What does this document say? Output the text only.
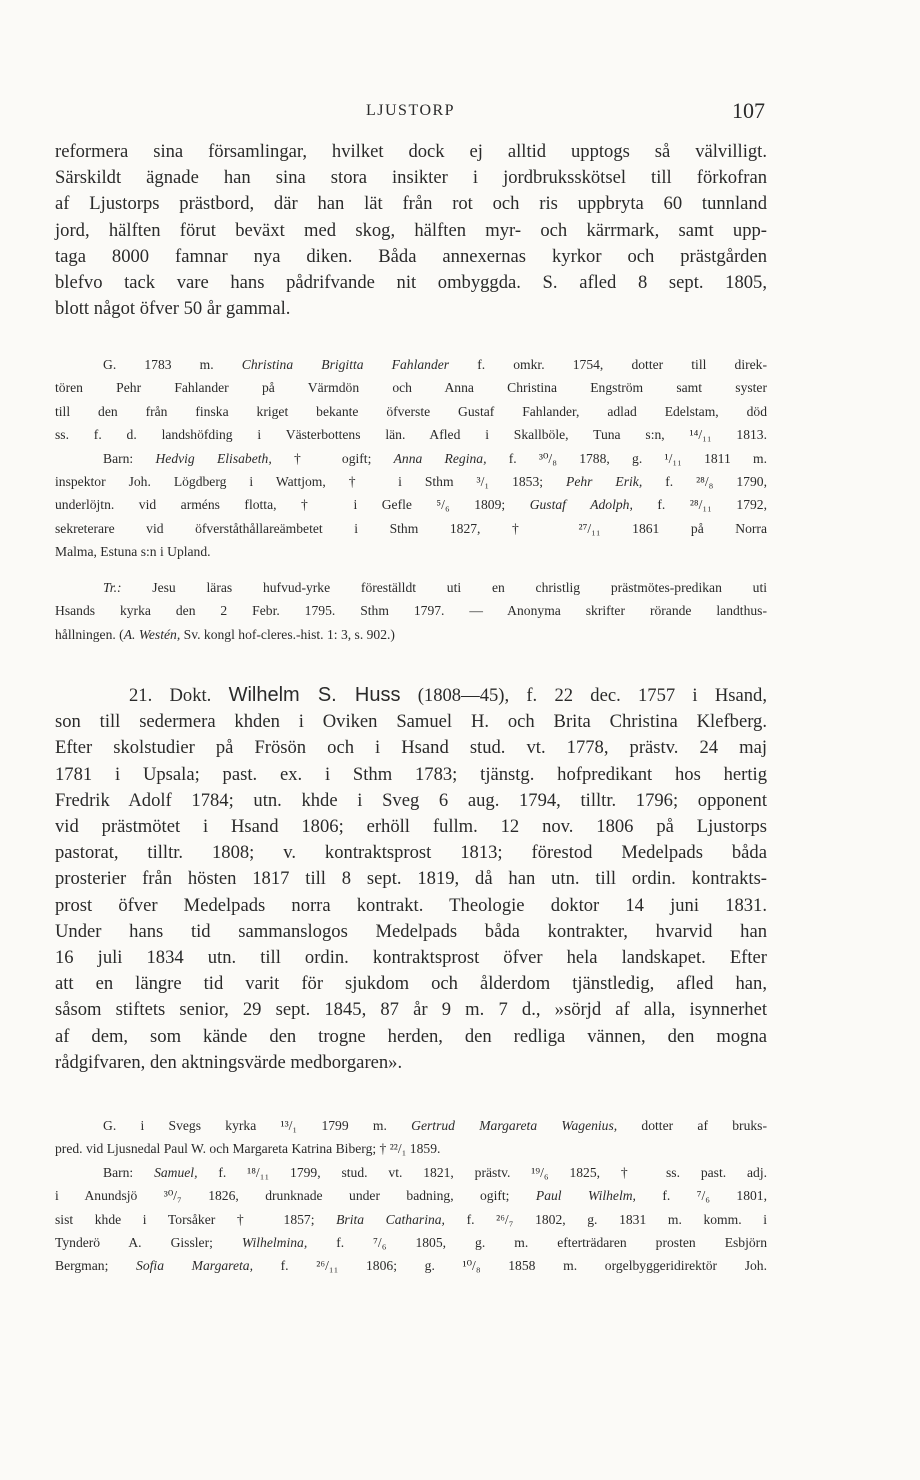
LJUSTORP	107
reformera sina församlingar, hvilket dock ej alltid upptogs så välvilligt.
Särskildt ägnade han sina stora insikter i jordbruksskötsel till förkofran
af Ljustorps prästbord, där han lät från rot och ris uppbryta 60 tunnland
jord, hälften förut beväxt med skog, hälften myr- och kärrmark, samt upp-
taga 8000 famnar nya diken. Båda annexernas kyrkor och prästgården
blefvo tack vare hans pådrifvande nit ombyggda. S. afled 8 sept. 1805,
blott något öfver 50 år gammal.
G. 1783 m. Christina Brigitta Fahlander f. omkr. 1754, dotter till direk-
tören Pehr Fahlander på Värmdön och Anna Christina Engström samt syster
till den från finska kriget bekante öfverste Gustaf Fahlander, adlad Edelstam, död
ss. f. d. landshöfding i Västerbottens län. Afled i Skallböle, Tuna s:n, ¹⁴/₁₁ 1813.
Barn: Hedvig Elisabeth, † ogift; Anna Regina, f. ³⁰/₈ 1788, g. ¹/₁₁ 1811 m.
inspektor Joh. Lögdberg i Wattjom, † i Sthm ³/₁ 1853; Pehr Erik, f. ²⁸/₈ 1790,
underlöjtn. vid arméns flotta, † i Gefle ⁵/₆ 1809; Gustaf Adolph, f. ²⁸/₁₁ 1792,
sekreterare vid öfverståthållareämbetet i Sthm 1827, † ²⁷/₁₁ 1861 på Norra
Malma, Estuna s:n i Upland.
Tr.: Jesu läras hufvud-yrke föreställdt uti en christlig prästmötes-predikan uti
Hsands kyrka den 2 Febr. 1795. Sthm 1797. — Anonyma skrifter rörande landthus-
hållningen. (A. Westén, Sv. kongl hof-cleres.-hist. 1: 3, s. 902.)
21. Dokt. Wilhelm S. Huss (1808—45), f. 22 dec. 1757 i Hsand,
son till sedermera khden i Oviken Samuel H. och Brita Christina Klefberg.
Efter skolstudier på Frösön och i Hsand stud. vt. 1778, prästv. 24 maj
1781 i Upsala; past. ex. i Sthm 1783; tjänstg. hofpredikant hos hertig
Fredrik Adolf 1784; utn. khde i Sveg 6 aug. 1794, tilltr. 1796; opponent
vid prästmötet i Hsand 1806; erhöll fullm. 12 nov. 1806 på Ljustorps
pastorat, tilltr. 1808; v. kontraktsprost 1813; förestod Medelpads båda
prosterier från hösten 1817 till 8 sept. 1819, då han utn. till ordin. kontrakts-
prost öfver Medelpads norra kontrakt. Theologie doktor 14 juni 1831.
Under hans tid sammanslogos Medelpads båda kontrakter, hvarvid han
16 juli 1834 utn. till ordin. kontraktsprost öfver hela landskapet. Efter
att en längre tid varit för sjukdom och ålderdom tjänstledig, afled han,
såsom stiftets senior, 29 sept. 1845, 87 år 9 m. 7 d., »sörjd af alla, isynnerhet
af dem, som kände den trogne herden, den redliga vännen, den mogna
rådgifvaren, den aktningsvärde medborgaren».
G. i Svegs kyrka ¹³/₁ 1799 m. Gertrud Margareta Wagenius, dotter af bruks-
pred. vid Ljusnedal Paul W. och Margareta Katrina Biberg; † ²²/₁ 1859.
Barn: Samuel, f. ¹⁸/₁₁ 1799, stud. vt. 1821, prästv. ¹⁹/₆ 1825, † ss. past. adj.
i Anundsjö ³⁰/₇ 1826, drunknade under badning, ogift; Paul Wilhelm, f. ⁷/₆ 1801,
sist khde i Torsåker † 1857; Brita Catharina, f. ²⁶/₇ 1802, g. 1831 m. komm. i
Tynderö A. Gissler; Wilhelmina, f. ⁷/₆ 1805, g. m. efterträdaren prosten Esbjörn
Bergman; Sofia Margareta, f. ²⁶/₁₁ 1806; g. ¹⁰/₈ 1858 m. orgelbyggeridirektör Joh.
